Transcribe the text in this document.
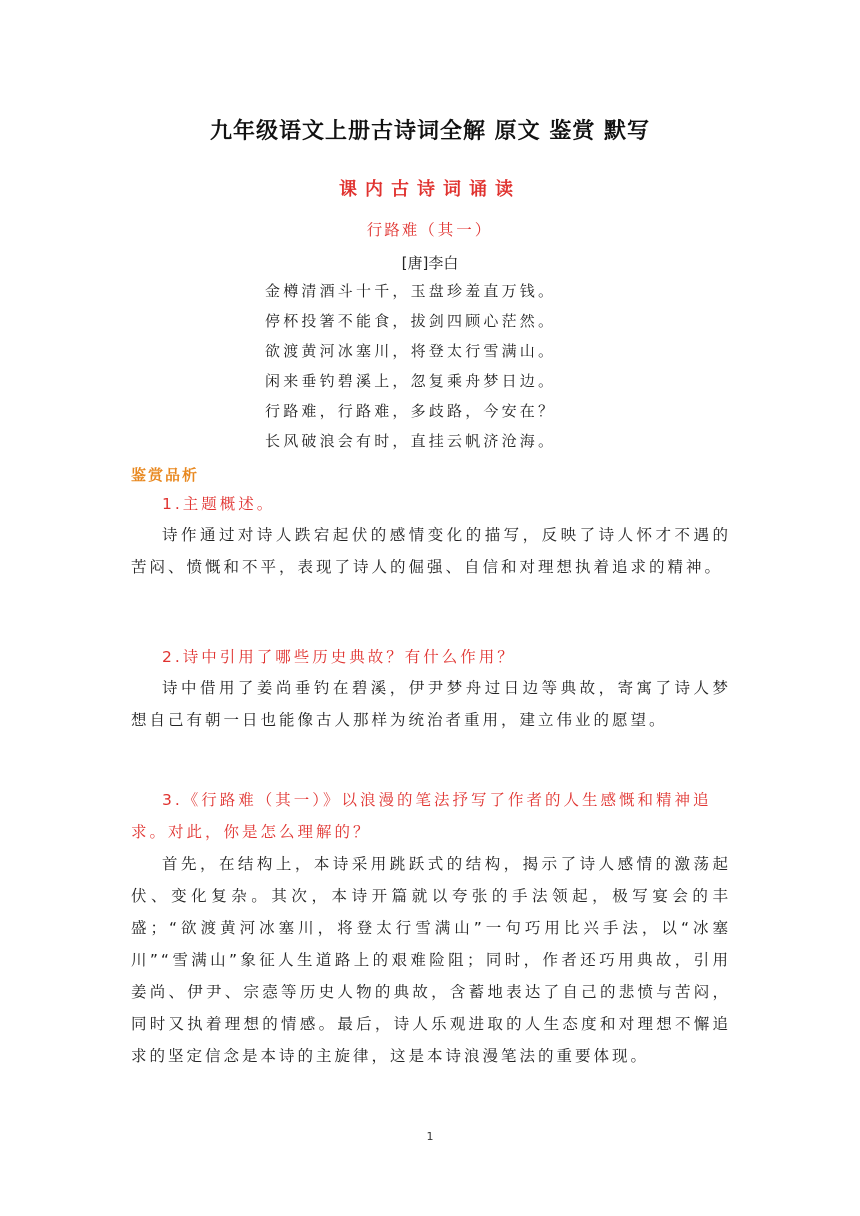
九年级语文上册古诗词全解 原文 鉴赏 默写
课内古诗词诵读
行路难（其一）
[唐]李白
金樽清酒斗十千，玉盘珍羞直万钱。
停杯投箸不能食，拔剑四顾心茫然。
欲渡黄河冰塞川，将登太行雪满山。
闲来垂钓碧溪上，忽复乘舟梦日边。
行路难，行路难，多歧路，今安在？
长风破浪会有时，直挂云帆济沧海。
鉴赏品析
1.主题概述。
诗作通过对诗人跌宕起伏的感情变化的描写，反映了诗人怀才不遇的苦闷、愤慨和不平，表现了诗人的倔强、自信和对理想执着追求的精神。
2.诗中引用了哪些历史典故？有什么作用？
诗中借用了姜尚垂钓在碧溪，伊尹梦舟过日边等典故，寄寓了诗人梦想自己有朝一日也能像古人那样为统治者重用，建立伟业的愿望。
3.《行路难（其一）》以浪漫的笔法抒写了作者的人生感慨和精神追求。对此，你是怎么理解的？
首先，在结构上，本诗采用跳跃式的结构，揭示了诗人感情的激荡起伏、变化复杂。其次，本诗开篇就以夸张的手法领起，极写宴会的丰盛；“欲渡黄河冰塞川，将登太行雪满山”一句巧用比兴手法，以“冰塞川”“雪满山”象征人生道路上的艰难险阻；同时，作者还巧用典故，引用姜尚、伊尹、宗悫等历史人物的典故，含蓄地表达了自己的悲愤与苦闷，同时又执着理想的情感。最后，诗人乐观进取的人生态度和对理想不懈追求的坚定信念是本诗的主旋律，这是本诗浪漫笔法的重要体现。
1
